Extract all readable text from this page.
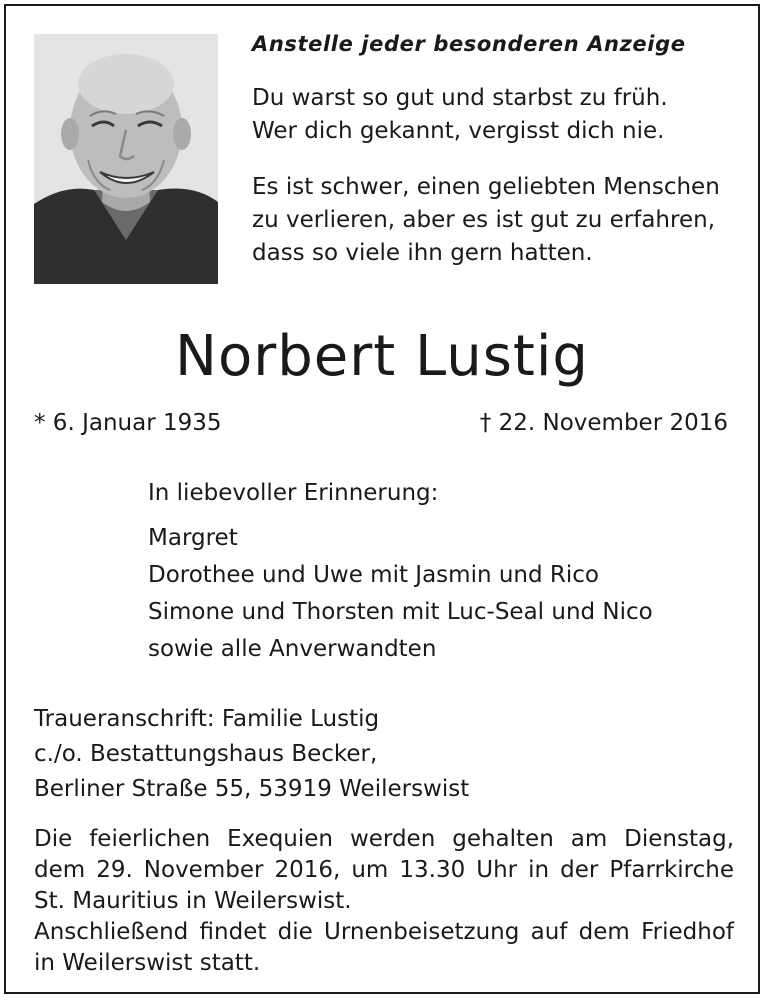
Anstelle jeder besonderen Anzeige
Du warst so gut und starbst zu früh.
Wer dich gekannt, vergisst dich nie.
Es ist schwer, einen geliebten Menschen
zu verlieren, aber es ist gut zu erfahren,
dass so viele ihn gern hatten.
Norbert Lustig
* 6. Januar 1935	† 22. November 2016
In liebevoller Erinnerung:
Margret
Dorothee und Uwe mit Jasmin und Rico
Simone und Thorsten mit Luc-Seal und Nico
sowie alle Anverwandten
Traueranschrift: Familie Lustig
c./o. Bestattungshaus Becker,
Berliner Straße 55, 53919 Weilerswist
Die feierlichen Exequien werden gehalten am Dienstag,
dem 29. November 2016, um 13.30 Uhr in der Pfarrkirche
St. Mauritius in Weilerswist.
Anschließend findet die Urnenbeisetzung auf dem Friedhof
in Weilerswist statt.
